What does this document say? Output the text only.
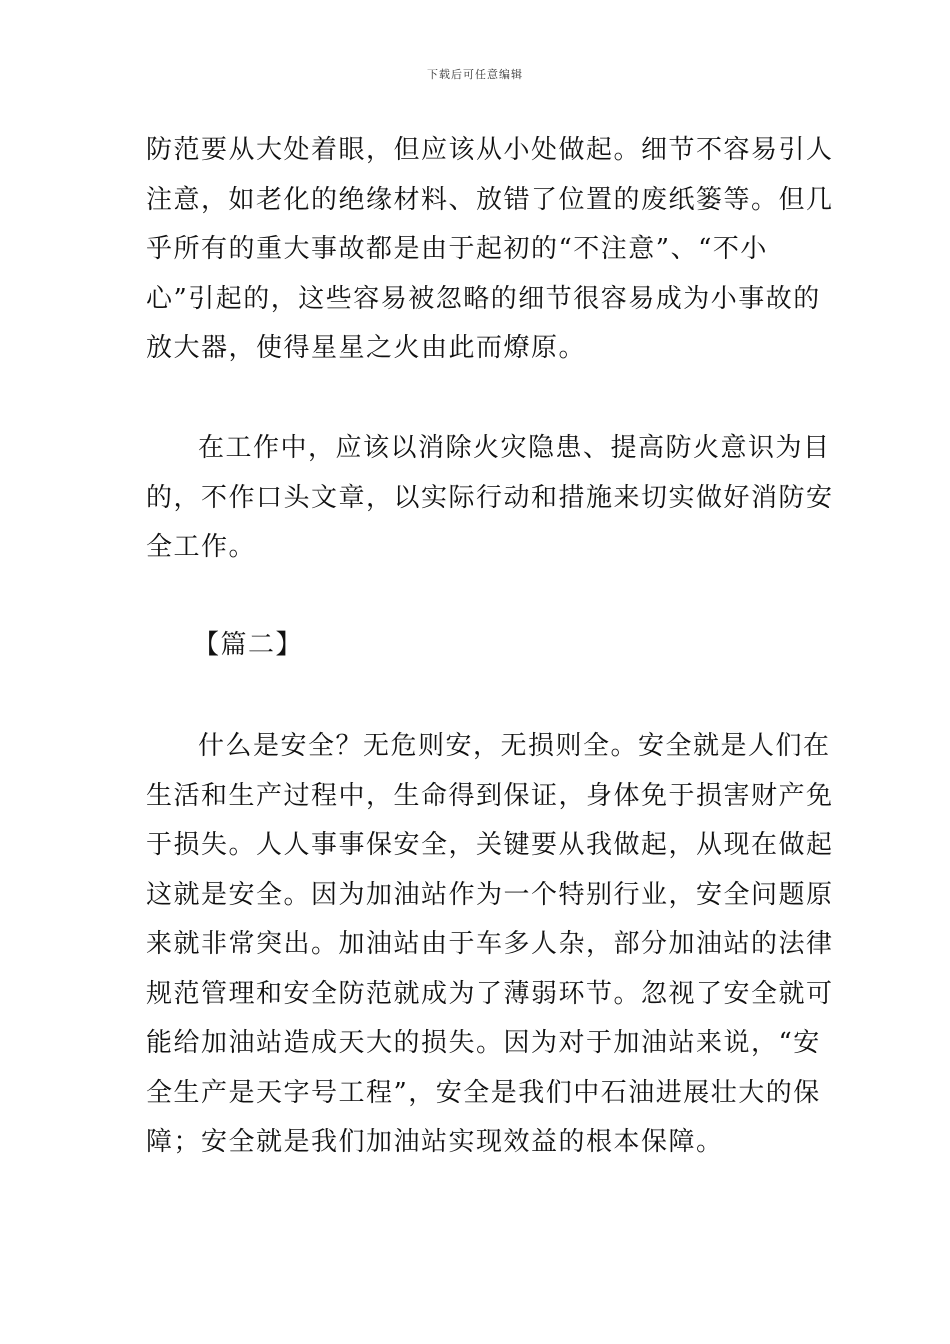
下载后可任意编辑
防范要从大处着眼，但应该从小处做起。细节不容易引人
注意，如老化的绝缘材料、放错了位置的废纸篓等。但几
乎所有的重大事故都是由于起初的“不注意”、“不小
心”引起的，这些容易被忽略的细节很容易成为小事故的
放大器，使得星星之火由此而燎原。
在工作中，应该以消除火灾隐患、提高防火意识为目
的，不作口头文章，以实际行动和措施来切实做好消防安
全工作。
【篇二】
什么是安全？无危则安，无损则全。安全就是人们在
生活和生产过程中，生命得到保证，身体免于损害财产免
于损失。人人事事保安全，关键要从我做起，从现在做起
这就是安全。因为加油站作为一个特别行业，安全问题原
来就非常突出。加油站由于车多人杂，部分加油站的法律
规范管理和安全防范就成为了薄弱环节。忽视了安全就可
能给加油站造成天大的损失。因为对于加油站来说，“安
全生产是天字号工程”，安全是我们中石油进展壮大的保
障；安全就是我们加油站实现效益的根本保障。
